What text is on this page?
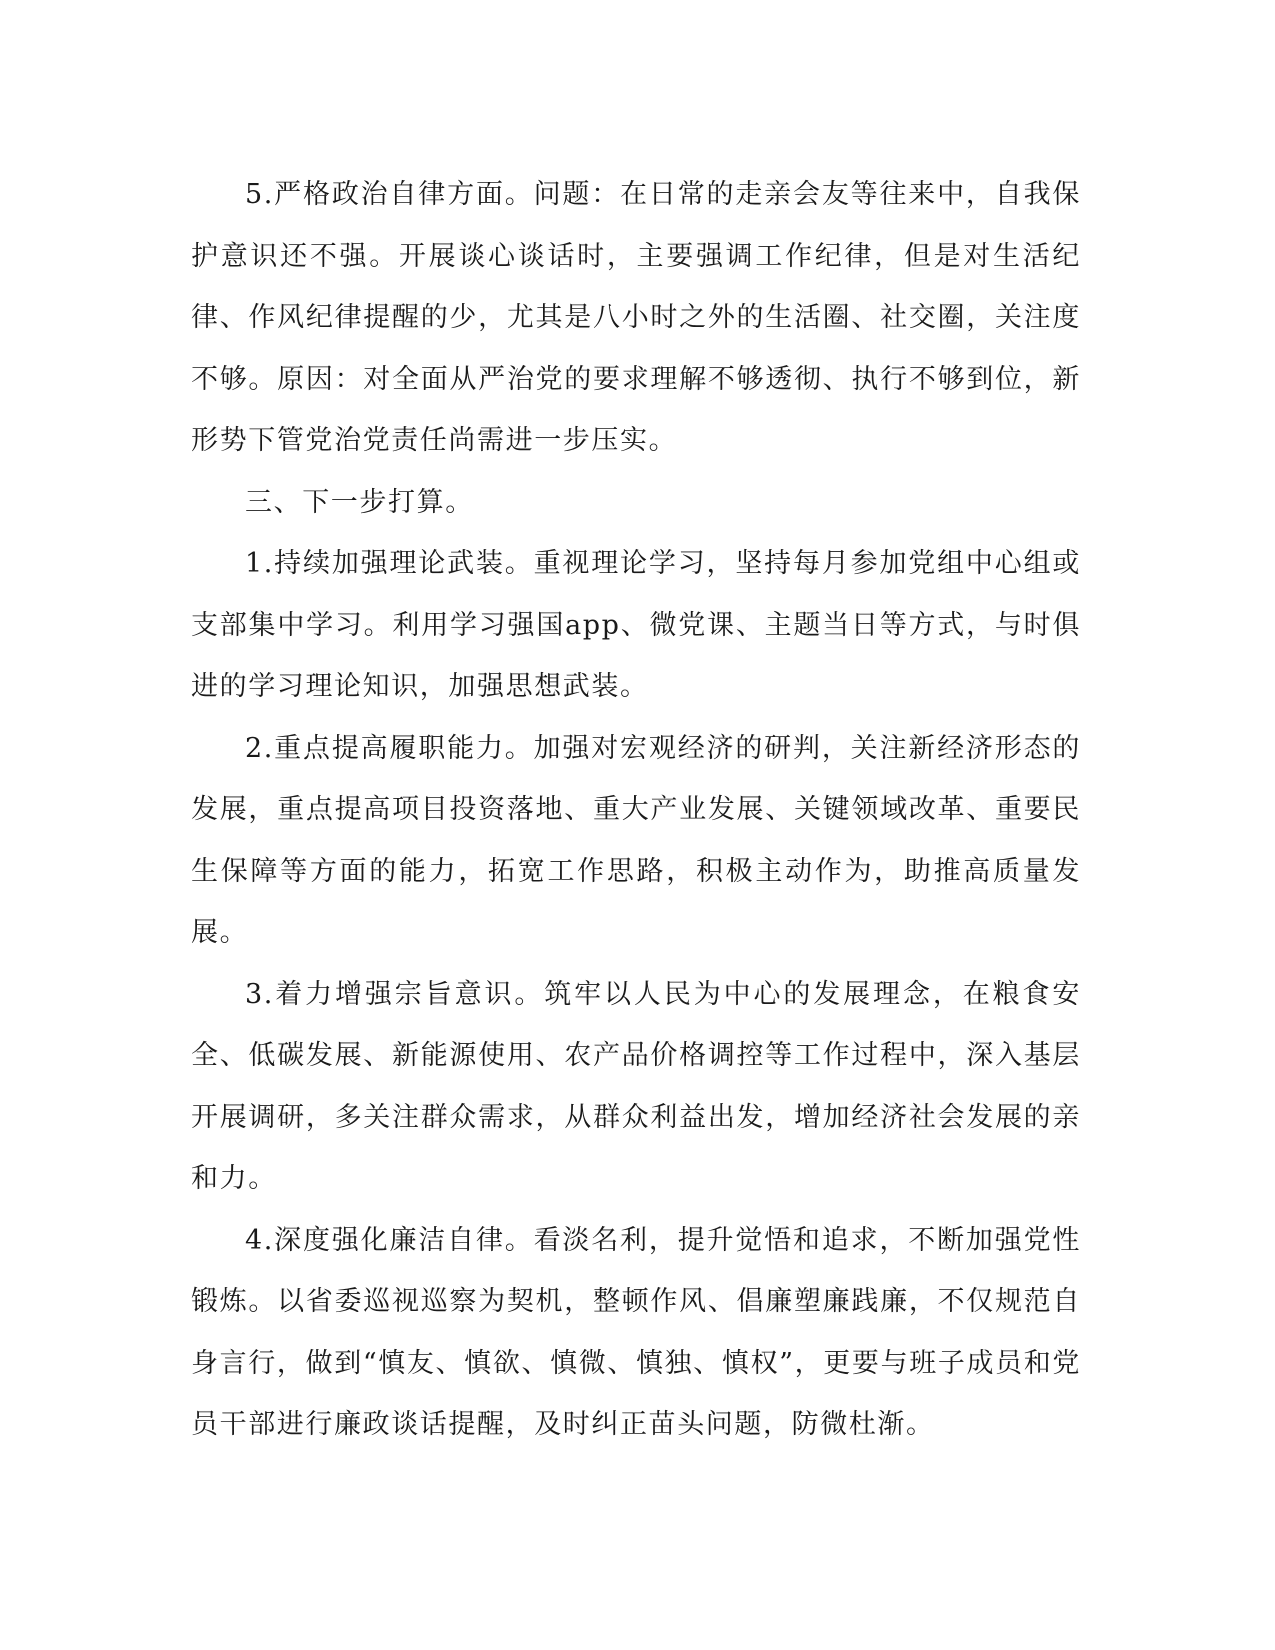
5.严格政治自律方面。问题：在日常的走亲会友等往来中，自我保护意识还不强。开展谈心谈话时，主要强调工作纪律，但是对生活纪律、作风纪律提醒的少，尤其是八小时之外的生活圈、社交圈，关注度不够。原因：对全面从严治党的要求理解不够透彻、执行不够到位，新形势下管党治党责任尚需进一步压实。

三、下一步打算。

1.持续加强理论武装。重视理论学习，坚持每月参加党组中心组或支部集中学习。利用学习强国app、微党课、主题当日等方式，与时俱进的学习理论知识，加强思想武装。

2.重点提高履职能力。加强对宏观经济的研判，关注新经济形态的发展，重点提高项目投资落地、重大产业发展、关键领域改革、重要民生保障等方面的能力，拓宽工作思路，积极主动作为，助推高质量发展。

3.着力增强宗旨意识。筑牢以人民为中心的发展理念，在粮食安全、低碳发展、新能源使用、农产品价格调控等工作过程中，深入基层开展调研，多关注群众需求，从群众利益出发，增加经济社会发展的亲和力。

4.深度强化廉洁自律。看淡名利，提升觉悟和追求，不断加强党性锻炼。以省委巡视巡察为契机，整顿作风、倡廉塑廉践廉，不仅规范自身言行，做到“慎友、慎欲、慎微、慎独、慎权”，更要与班子成员和党员干部进行廉政谈话提醒，及时纠正苗头问题，防微杜渐。
